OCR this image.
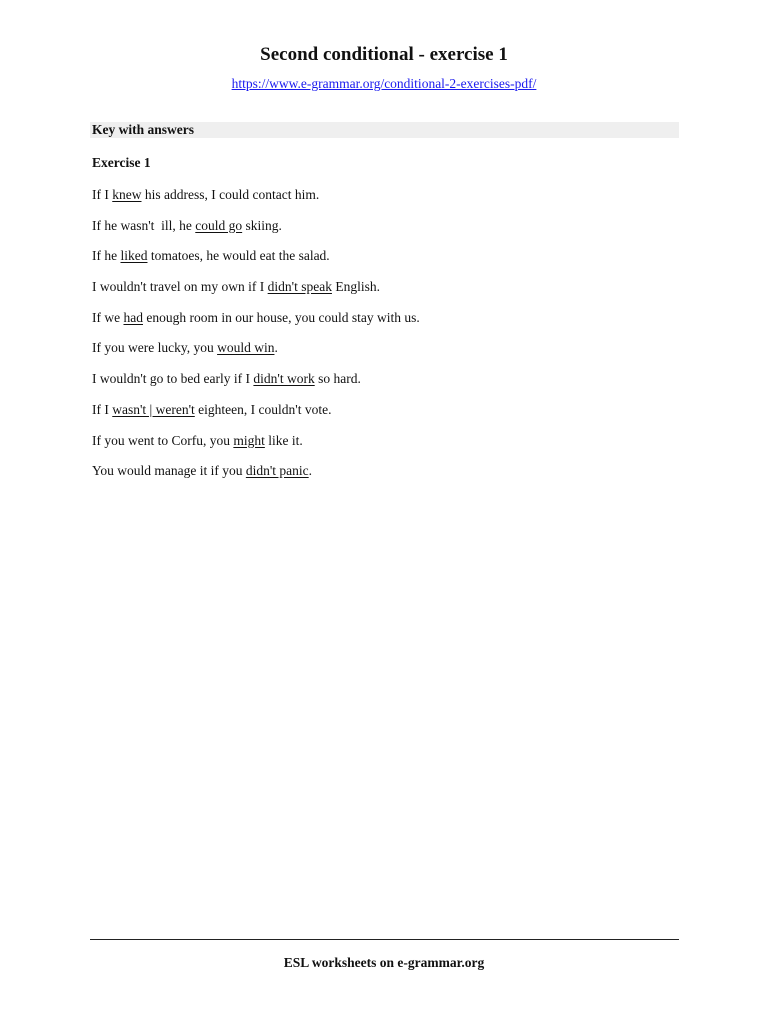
Second conditional - exercise 1
https://www.e-grammar.org/conditional-2-exercises-pdf/
Key with answers
Exercise 1
If I knew his address, I could contact him.
If he wasn't  ill, he could go skiing.
If he liked tomatoes, he would eat the salad.
I wouldn't travel on my own if I didn't speak English.
If we had enough room in our house, you could stay with us.
If you were lucky, you would win.
I wouldn't go to bed early if I didn't work so hard.
If I wasn't | weren't eighteen, I couldn't vote.
If you went to Corfu, you might like it.
You would manage it if you didn't panic.
ESL worksheets on e-grammar.org
